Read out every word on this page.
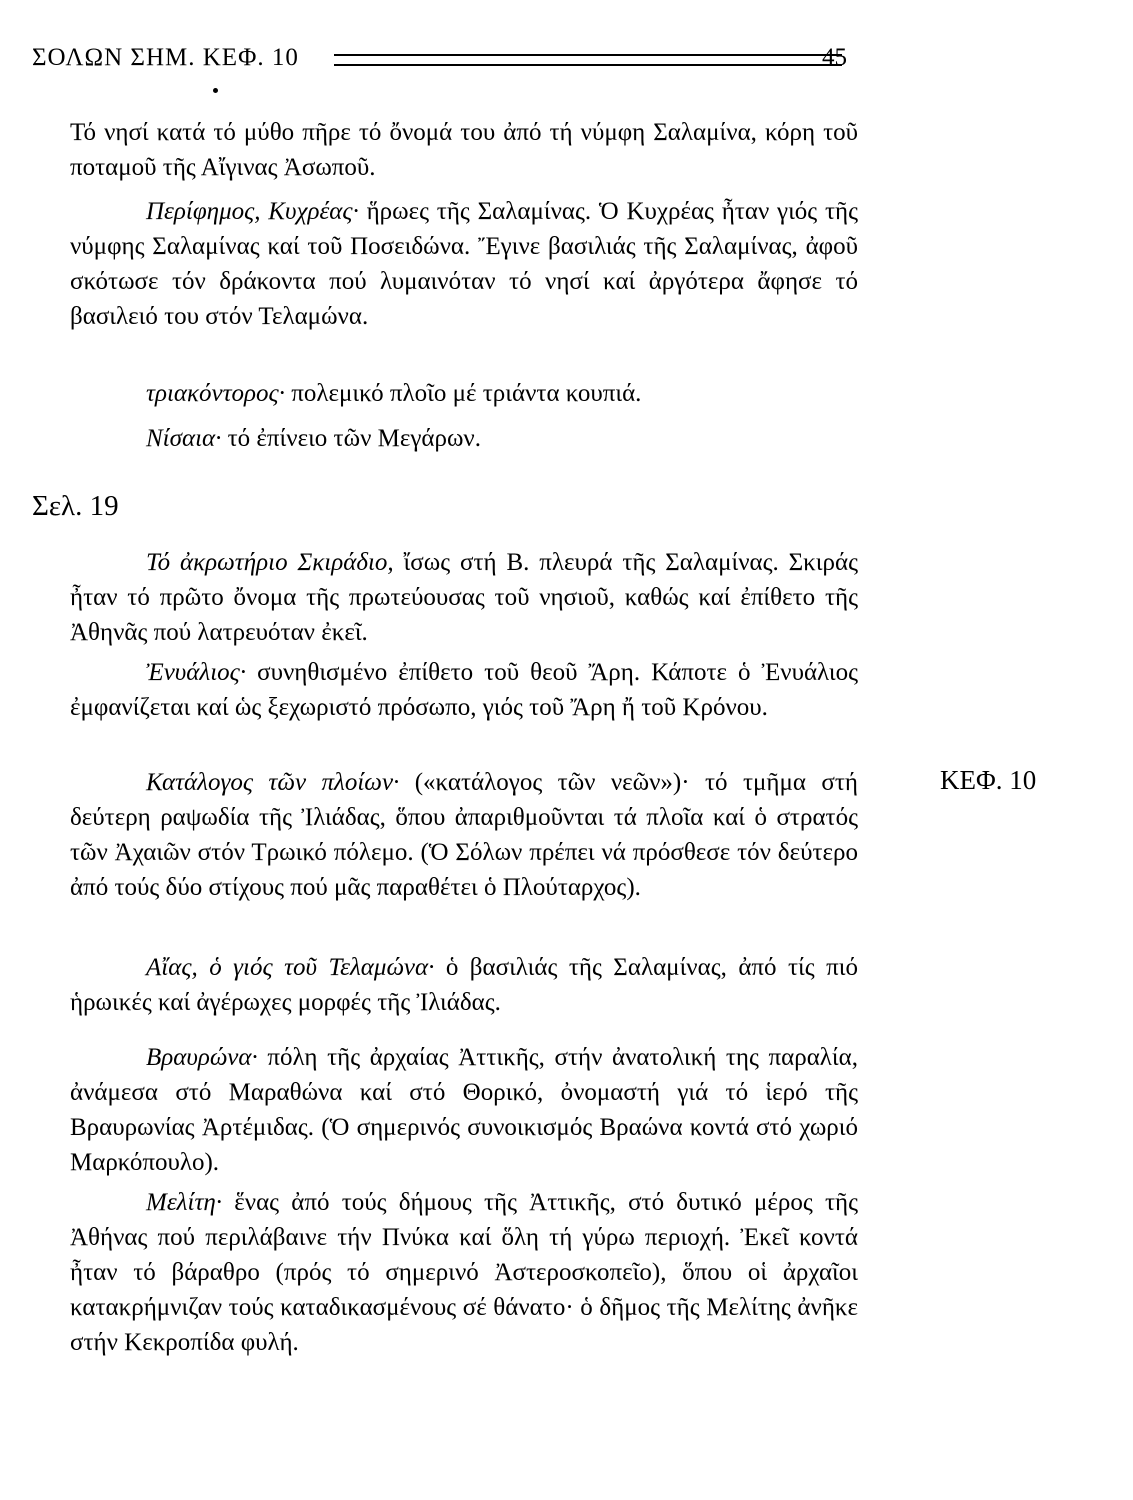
ΣΟΛΩΝ ΣΗΜ. ΚΕΦ. 10	45

Τό νησί κατά τό μύθο πῆρε τό ὄνομά του ἀπό τή νύμφη Σαλαμίνα, κόρη τοῦ ποταμοῦ τῆς Αἴγινας Ἀσωποῦ.

Περίφημος, Κυχρέας· ἥρωες τῆς Σαλαμίνας. Ὁ Κυχρέας ἦταν γιός τῆς νύμφης Σαλαμίνας καί τοῦ Ποσειδώνα. Ἔγινε βασιλιάς τῆς Σαλαμίνας, ἀφοῦ σκότωσε τόν δράκοντα πού λυμαινόταν τό νησί καί ἀργότερα ἄφησε τό βασιλειό του στόν Τελαμώνα.

τριακόντορος· πολεμικό πλοῖο μέ τριάντα κουπιά.

Νίσαια· τό ἐπίνειο τῶν Μεγάρων.

Σελ. 19

Τό ἀκρωτήριο Σκιράδιο, ἴσως στή Β. πλευρά τῆς Σαλαμίνας. Σκιράς ἦταν τό πρῶτο ὄνομα τῆς πρωτεύουσας τοῦ νησιοῦ, καθώς καί ἐπίθετο τῆς Ἀθηνᾶς πού λατρευόταν ἐκεῖ.

Ἐνυάλιος· συνηθισμένο ἐπίθετο τοῦ θεοῦ Ἄρη. Κάποτε ὁ Ἐνυάλιος ἐμφανίζεται καί ὡς ξεχωριστό πρόσωπο, γιός τοῦ Ἄρη ἤ τοῦ Κρόνου.

Κατάλογος τῶν πλοίων· («κατάλογος τῶν νεῶν»)· τό τμῆμα στή δεύτερη ραψωδία τῆς Ἰλιάδας, ὅπου ἀπαριθμοῦνται τά πλοῖα καί ὁ στρατός τῶν Ἀχαιῶν στόν Τρωικό πόλεμο. (Ὁ Σόλων πρέπει νά πρόσθεσε τόν δεύτερο ἀπό τούς δύο στίχους πού μᾶς παραθέτει ὁ Πλούταρχος).

ΚΕΦ. 10

Αἴας, ὁ γιός τοῦ Τελαμώνα· ὁ βασιλιάς τῆς Σαλαμίνας, ἀπό τίς πιό ἡρωικές καί ἀγέρωχες μορφές τῆς Ἰλιάδας.

Βραυρώνα· πόλη τῆς ἀρχαίας Ἀττικῆς, στήν ἀνατολική της παραλία, ἀνάμεσα στό Μαραθώνα καί στό Θορικό, ὀνομαστή γιά τό ἱερό τῆς Βραυρωνίας Ἀρτέμιδας. (Ὁ σημερινός συνοικισμός Βραώνα κοντά στό χωριό Μαρκόπουλο).

Μελίτη· ἕνας ἀπό τούς δήμους τῆς Ἀττικῆς, στό δυτικό μέρος τῆς Ἀθήνας πού περιλάβαινε τήν Πνύκα καί ὅλη τή γύρω περιοχή. Ἐκεῖ κοντά ἦταν τό βάραθρο (πρός τό σημερινό Ἀστεροσκοπεῖο), ὅπου οἱ ἀρχαῖοι κατακρήμνιζαν τούς καταδικασμένους σέ θάνατο· ὁ δῆμος τῆς Μελίτης ἀνῆκε στήν Κεκροπίδα φυλή.
